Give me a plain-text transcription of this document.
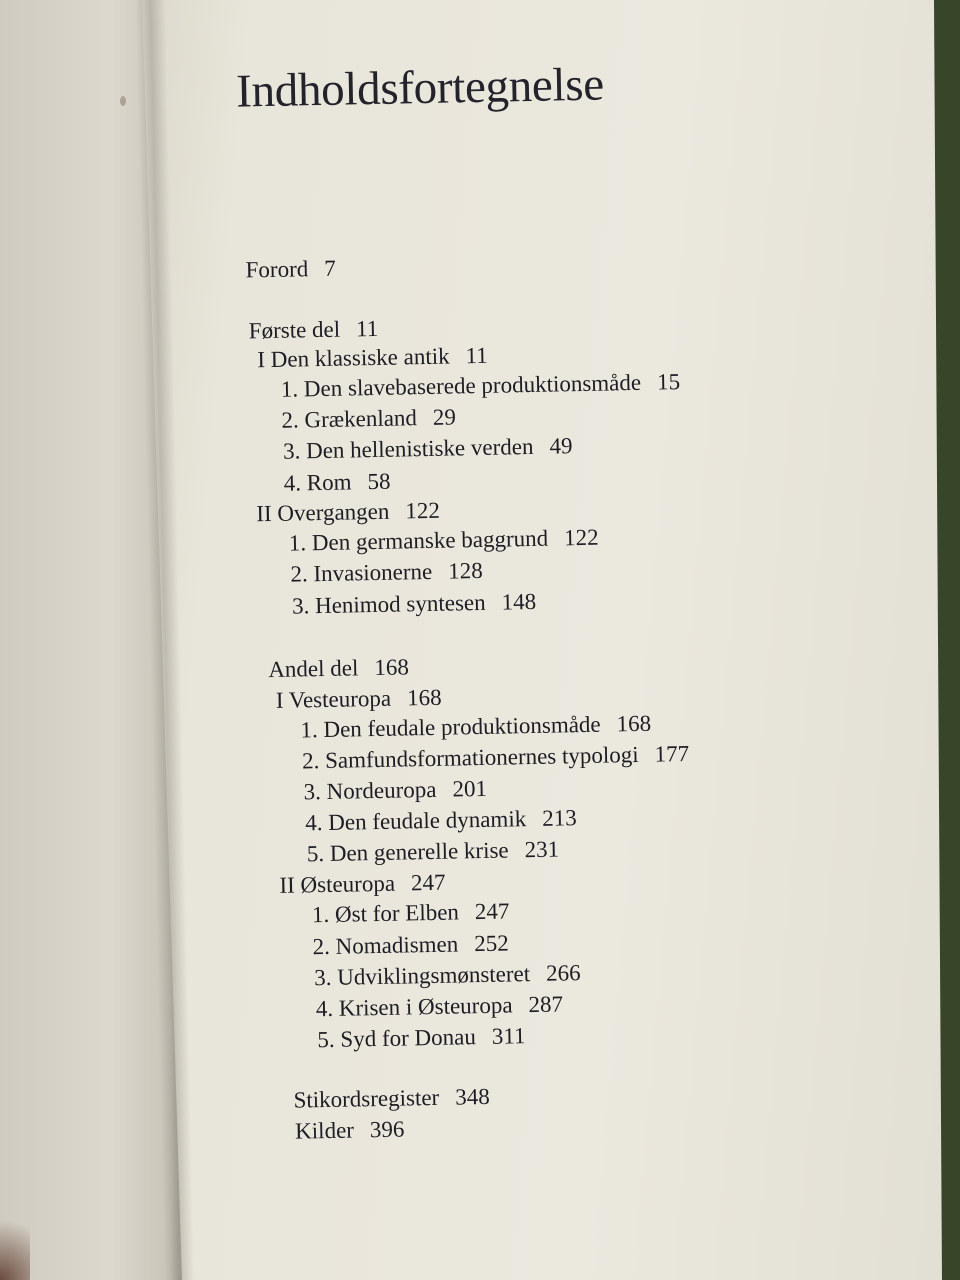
Indholdsfortegnelse
Forord 7
Første del 11
I Den klassiske antik 11
1. Den slavebaserede produktionsmåde 15
2. Grækenland 29
3. Den hellenistiske verden 49
4. Rom 58
II Overgangen 122
1. Den germanske baggrund 122
2. Invasionerne 128
3. Henimod syntesen 148
Andel del 168
I Vesteuropa 168
1. Den feudale produktionsmåde 168
2. Samfundsformationernes typologi 177
3. Nordeuropa 201
4. Den feudale dynamik 213
5. Den generelle krise 231
II Østeuropa 247
1. Øst for Elben 247
2. Nomadismen 252
3. Udviklingsmønsteret 266
4. Krisen i Østeuropa 287
5. Syd for Donau 311
Stikordsregister 348
Kilder 396
